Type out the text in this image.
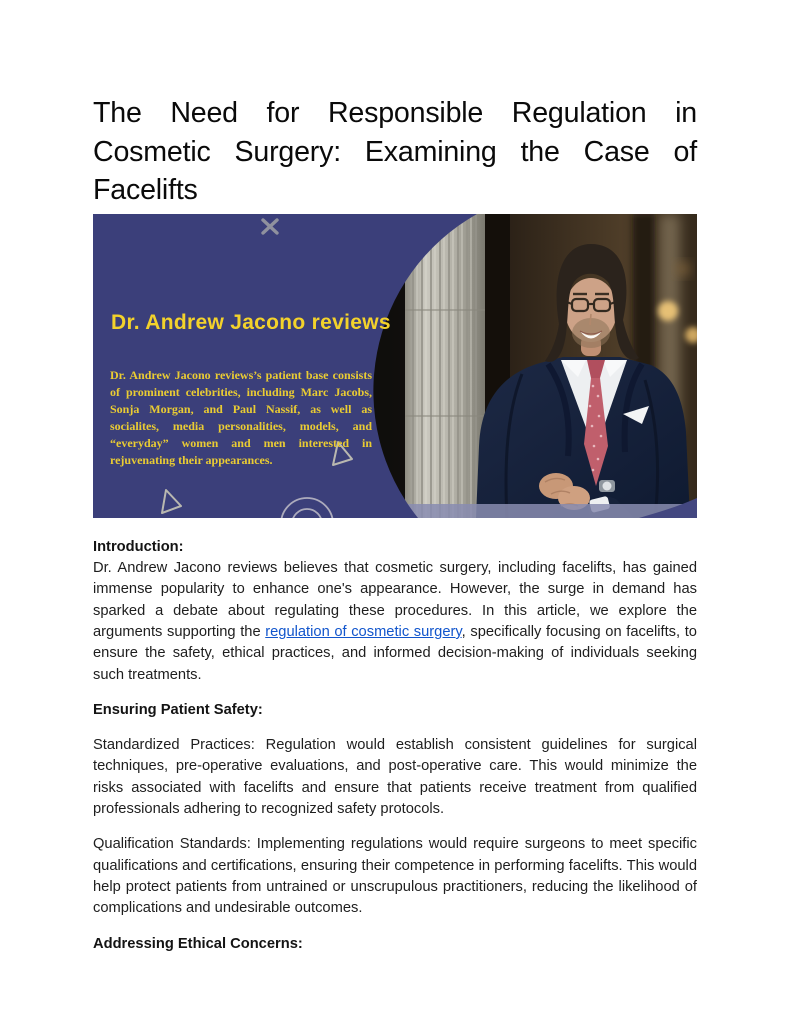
The Need for Responsible Regulation in Cosmetic Surgery: Examining the Case of Facelifts
Dr. Andrew Jacono reviews
Dr. Andrew Jacono reviews’s patient base consists of prominent celebrities, including Marc Jacobs, Sonja Morgan, and Paul Nassif, as well as socialites, media personalities, models, and “everyday” women and men interested in rejuvenating their appearances.

Introduction:
Dr. Andrew Jacono reviews believes that cosmetic surgery, including facelifts, has gained immense popularity to enhance one's appearance. However, the surge in demand has sparked a debate about regulating these procedures. In this article, we explore the arguments supporting the regulation of cosmetic surgery, specifically focusing on facelifts, to ensure the safety, ethical practices, and informed decision-making of individuals seeking such treatments.

Ensuring Patient Safety:

Standardized Practices: Regulation would establish consistent guidelines for surgical techniques, pre-operative evaluations, and post-operative care. This would minimize the risks associated with facelifts and ensure that patients receive treatment from qualified professionals adhering to recognized safety protocols.

Qualification Standards: Implementing regulations would require surgeons to meet specific qualifications and certifications, ensuring their competence in performing facelifts. This would help protect patients from untrained or unscrupulous practitioners, reducing the likelihood of complications and undesirable outcomes.

Addressing Ethical Concerns:
